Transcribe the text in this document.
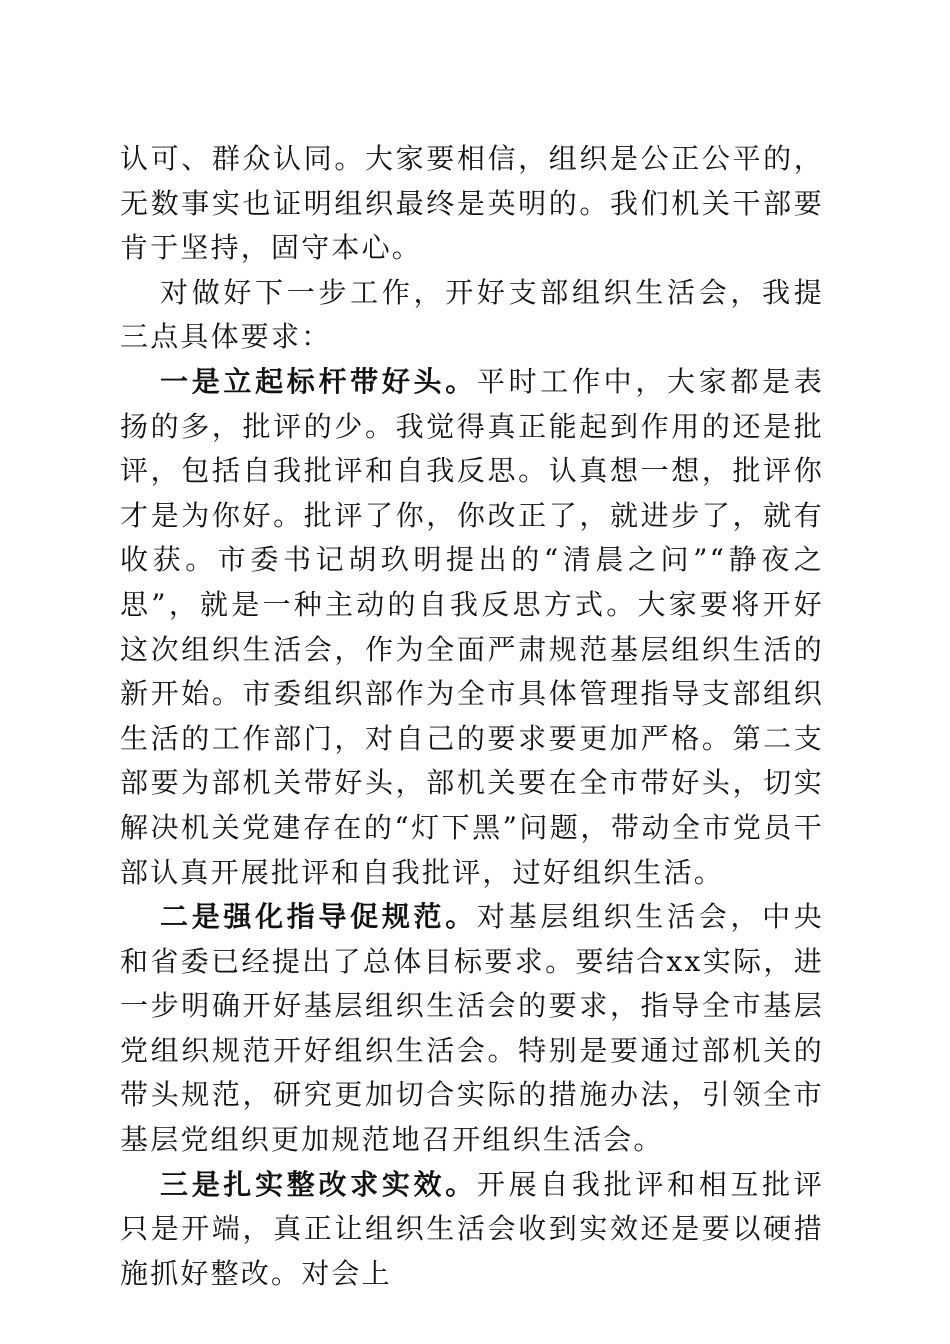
认可、群众认同。大家要相信，组织是公正公平的，无数事实也证明组织最终是英明的。我们机关干部要肯于坚持，固守本心。

对做好下一步工作，开好支部组织生活会，我提三点具体要求：

一是立起标杆带好头。平时工作中，大家都是表扬的多，批评的少。我觉得真正能起到作用的还是批评，包括自我批评和自我反思。认真想一想，批评你才是为你好。批评了你，你改正了，就进步了，就有收获。市委书记胡玖明提出的“清晨之问”“静夜之思”，就是一种主动的自我反思方式。大家要将开好这次组织生活会，作为全面严肃规范基层组织生活的新开始。市委组织部作为全市具体管理指导支部组织生活的工作部门，对自己的要求要更加严格。第二支部要为部机关带好头，部机关要在全市带好头，切实解决机关党建存在的“灯下黑”问题，带动全市党员干部认真开展批评和自我批评，过好组织生活。

二是强化指导促规范。对基层组织生活会，中央和省委已经提出了总体目标要求。要结合xx实际，进一步明确开好基层组织生活会的要求，指导全市基层党组织规范开好组织生活会。特别是要通过部机关的带头规范，研究更加切合实际的措施办法，引领全市基层党组织更加规范地召开组织生活会。

三是扎实整改求实效。开展自我批评和相互批评只是开端，真正让组织生活会收到实效还是要以硬措施抓好整改。对会上
